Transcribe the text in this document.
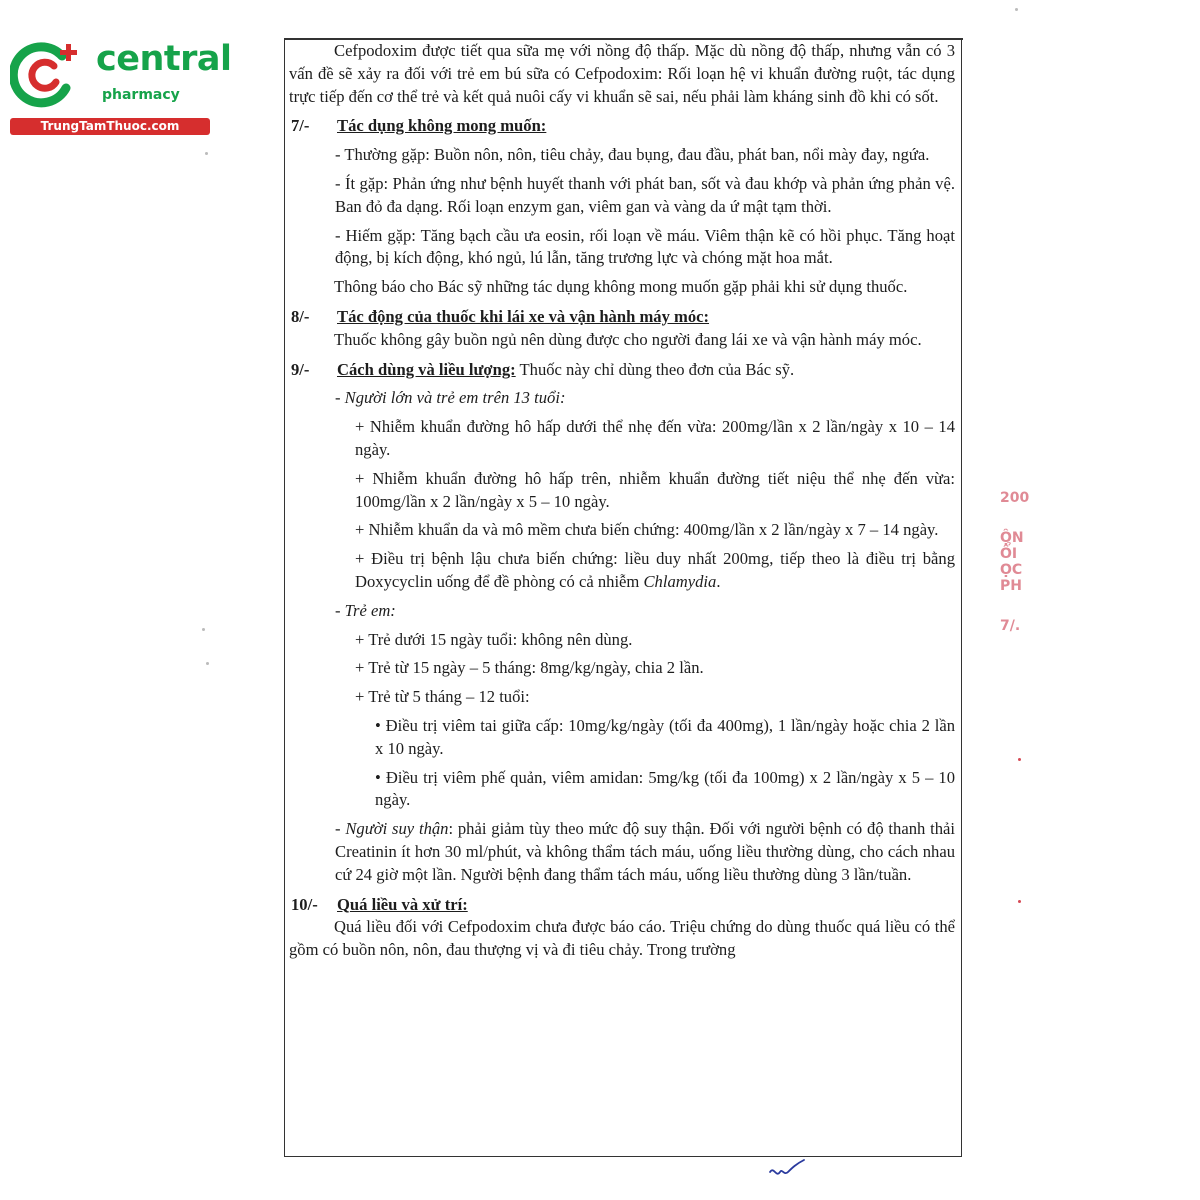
central
pharmacy
TrungTamThuoc.com

Cefpodoxim được tiết qua sữa mẹ với nồng độ thấp. Mặc dù nồng độ thấp, nhưng vẫn có 3 vấn đề sẽ xảy ra đối với trẻ em bú sữa có Cefpodoxim: Rối loạn hệ vi khuẩn đường ruột, tác dụng trực tiếp đến cơ thể trẻ và kết quả nuôi cấy vi khuẩn sẽ sai, nếu phải làm kháng sinh đồ khi có sốt.

7/-	Tác dụng không mong muốn:

- Thường gặp: Buồn nôn, nôn, tiêu chảy, đau bụng, đau đầu, phát ban, nổi mày đay, ngứa.

- Ít gặp: Phản ứng như bệnh huyết thanh với phát ban, sốt và đau khớp và phản ứng phản vệ. Ban đỏ đa dạng. Rối loạn enzym gan, viêm gan và vàng da ứ mật tạm thời.

- Hiếm gặp: Tăng bạch cầu ưa eosin, rối loạn về máu. Viêm thận kẽ có hồi phục. Tăng hoạt động, bị kích động, khó ngủ, lú lẫn, tăng trương lực và chóng mặt hoa mắt.

Thông báo cho Bác sỹ những tác dụng không mong muốn gặp phải khi sử dụng thuốc.

8/-	Tác động của thuốc khi lái xe và vận hành máy móc:

Thuốc không gây buồn ngủ nên dùng được cho người đang lái xe và vận hành máy móc.

9/-	Cách dùng và liều lượng: Thuốc này chỉ dùng theo đơn của Bác sỹ.

- Người lớn và trẻ em trên 13 tuổi:

+ Nhiễm khuẩn đường hô hấp dưới thể nhẹ đến vừa: 200mg/lần x 2 lần/ngày x 10 – 14 ngày.

+ Nhiễm khuẩn đường hô hấp trên, nhiễm khuẩn đường tiết niệu thể nhẹ đến vừa: 100mg/lần x 2 lần/ngày x 5 – 10 ngày.

+ Nhiễm khuẩn da và mô mềm chưa biến chứng: 400mg/lần x 2 lần/ngày x 7 – 14 ngày.

+ Điều trị bệnh lậu chưa biến chứng: liều duy nhất 200mg, tiếp theo là điều trị bằng Doxycyclin uống để đề phòng có cả nhiễm Chlamydia.

- Trẻ em:

+ Trẻ dưới 15 ngày tuổi: không nên dùng.

+ Trẻ từ 15 ngày – 5 tháng: 8mg/kg/ngày, chia 2 lần.

+ Trẻ từ 5 tháng – 12 tuổi:

• Điều trị viêm tai giữa cấp: 10mg/kg/ngày (tối đa 400mg), 1 lần/ngày hoặc chia 2 lần x 10 ngày.

• Điều trị viêm phế quản, viêm amidan: 5mg/kg (tối đa 100mg) x 2 lần/ngày x 5 – 10 ngày.

- Người suy thận: phải giảm tùy theo mức độ suy thận. Đối với người bệnh có độ thanh thải Creatinin ít hơn 30 ml/phút, và không thẩm tách máu, uống liều thường dùng, cho cách nhau cứ 24 giờ một lần. Người bệnh đang thẩm tách máu, uống liều thường dùng 3 lần/tuần.

10/-	Quá liều và xử trí:

Quá liều đối với Cefpodoxim chưa được báo cáo. Triệu chứng do dùng thuốc quá liều có thể gồm có buồn nôn, nôn, đau thượng vị và đi tiêu chảy. Trong trường

200
ỘN
ỔI
ỌC
PH
7/.
